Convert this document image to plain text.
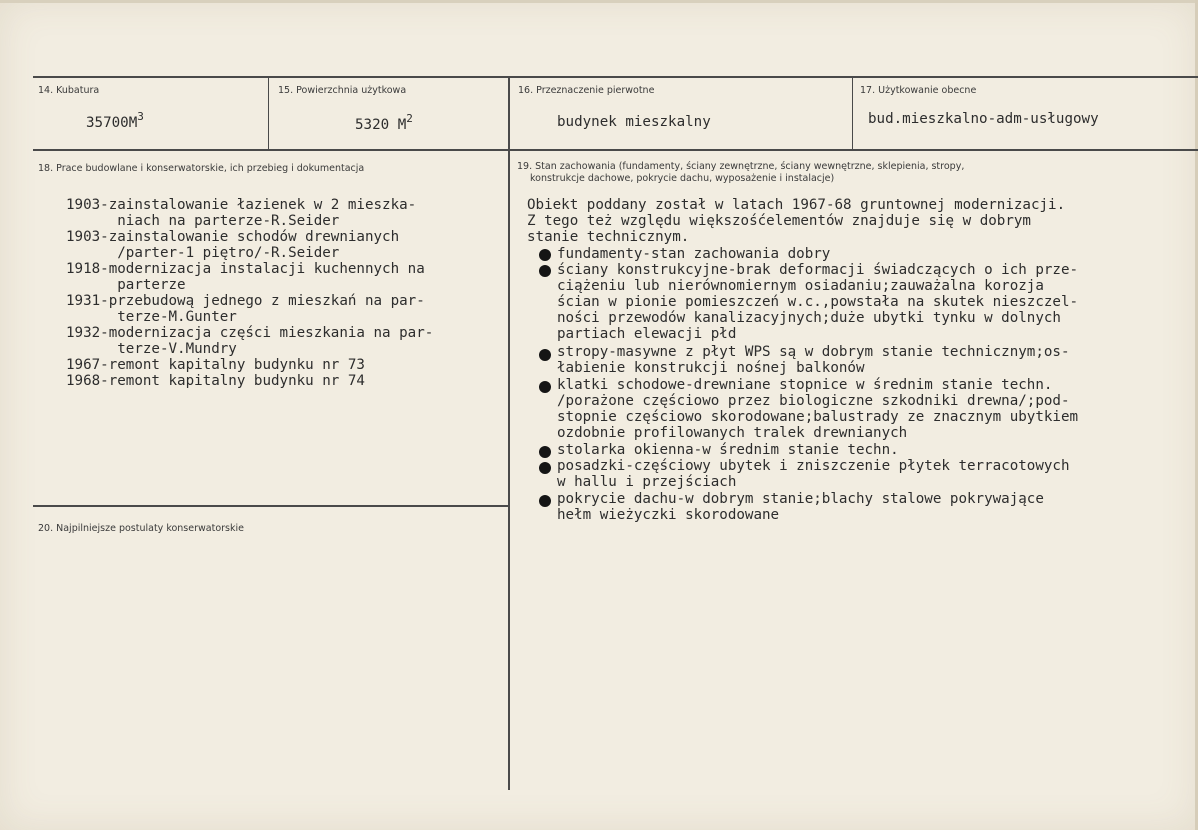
14. Kubatura
$35700M^3$
15. Powierzchnia użytkowa
5320 $M^2$
16. Przeznaczenie pierwotne
budynek mieszkalny
17. Użytkowanie obecne
bud.mieszkalno-adm-usługowy
18. Prace budowlane i konserwatorskie, ich przebieg i dokumentacja
1903-zainstalowanie łazienek w 2 mieszka-
niach na parterze-R.Seider
1903-zainstalowanie schodów drewnianych
/parter-1 piętro/-R.Seider
1918-modernizacja instalacji kuchennych na
parterze
1931-przebudową jednego z mieszkań na par-
terze-M.Gunter
1932-modernizacja części mieszkania na par-
terze-V.Mundry
1967-remont kapitalny budynku nr 73
1968-remont kapitalny budynku nr 74
19. Stan zachowania (fundamenty, ściany zewnętrzne, ściany wewnętrzne, sklepienia, stropy,
konstrukcje dachowe, pokrycie dachu, wyposażenie i instalacje)
Obiekt poddany został w latach 1967-68 gruntownej modernizacji.
Z tego też względu większośćelementów znajduje się w dobrym
stanie technicznym.
fundamenty-stan zachowania dobry
ściany konstrukcyjne-brak deformacji świadczących o ich prze-
ciążeniu lub nierównomiernym osiadaniu;zauważalna korozja
ścian w pionie pomieszczeń w.c.,powstała na skutek nieszczel-
ności przewodów kanalizacyjnych;duże ubytki tynku w dolnych
partiach elewacji płd
stropy-masywne z płyt WPS są w dobrym stanie technicznym;os-
łabienie konstrukcji nośnej balkonów
klatki schodowe-drewniane stopnice w średnim stanie techn.
/porażone częściowo przez biologiczne szkodniki drewna/;pod-
stopnie częściowo skorodowane;balustrady ze znacznym ubytkiem
ozdobnie profilowanych tralek drewnianych
stolarka okienna-w średnim stanie techn.
posadzki-częściowy ubytek i zniszczenie płytek terracotowych
w hallu i przejściach
pokrycie dachu-w dobrym stanie;blachy stalowe pokrywające
hełm wieżyczki skorodowane
20. Najpilniejsze postulaty konserwatorskie
